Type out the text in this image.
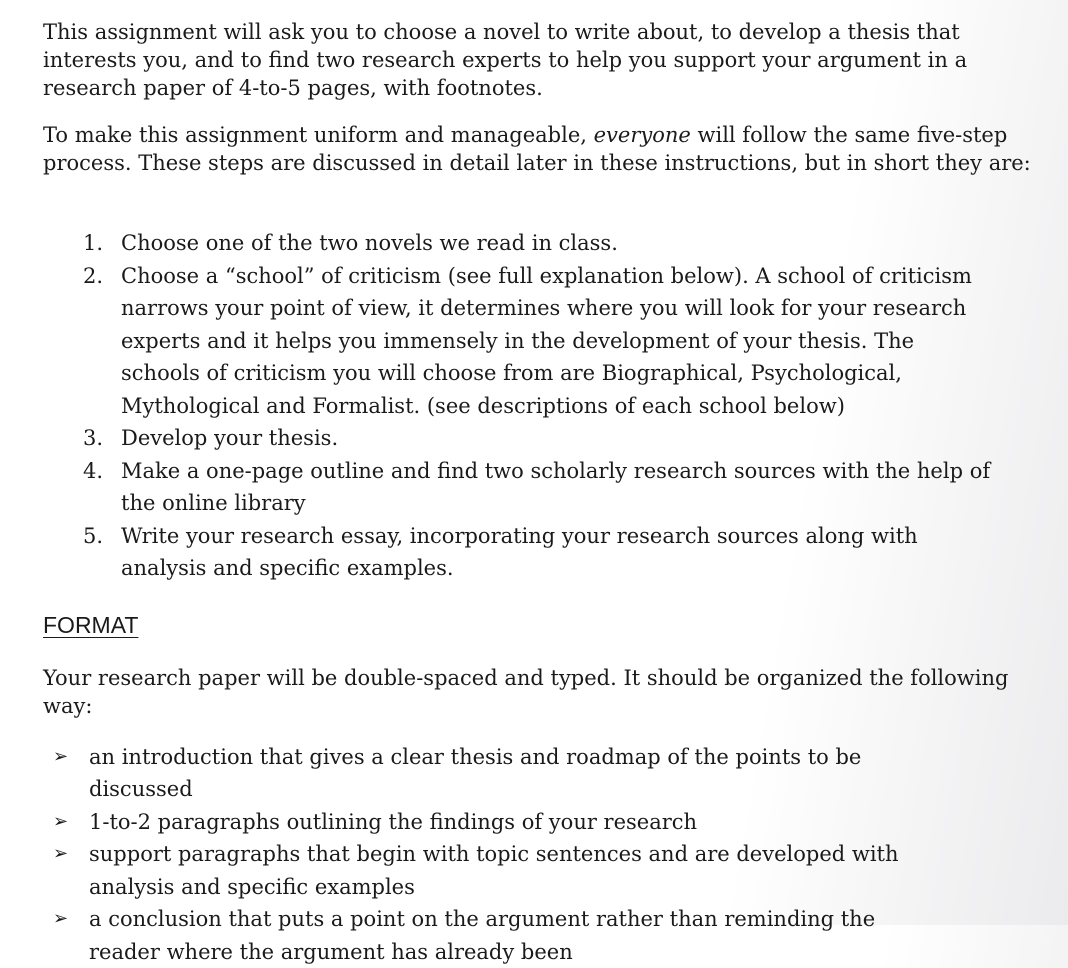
This assignment will ask you to choose a novel to write about, to develop a thesis that interests you, and to find two research experts to help you support your argument in a research paper of 4-to-5 pages, with footnotes.

To make this assignment uniform and manageable, everyone will follow the same five-step process. These steps are discussed in detail later in these instructions, but in short they are:

1. Choose one of the two novels we read in class.
2. Choose a “school” of criticism (see full explanation below). A school of criticism narrows your point of view, it determines where you will look for your research experts and it helps you immensely in the development of your thesis. The schools of criticism you will choose from are Biographical, Psychological, Mythological and Formalist. (see descriptions of each school below)
3. Develop your thesis.
4. Make a one-page outline and find two scholarly research sources with the help of the online library
5. Write your research essay, incorporating your research sources along with analysis and specific examples.
FORMAT

Your research paper will be double-spaced and typed. It should be organized the following way:

➢ an introduction that gives a clear thesis and roadmap of the points to be discussed
➢ 1-to-2 paragraphs outlining the findings of your research
➢ support paragraphs that begin with topic sentences and are developed with analysis and specific examples
➢ a conclusion that puts a point on the argument rather than reminding the reader where the argument has already been
